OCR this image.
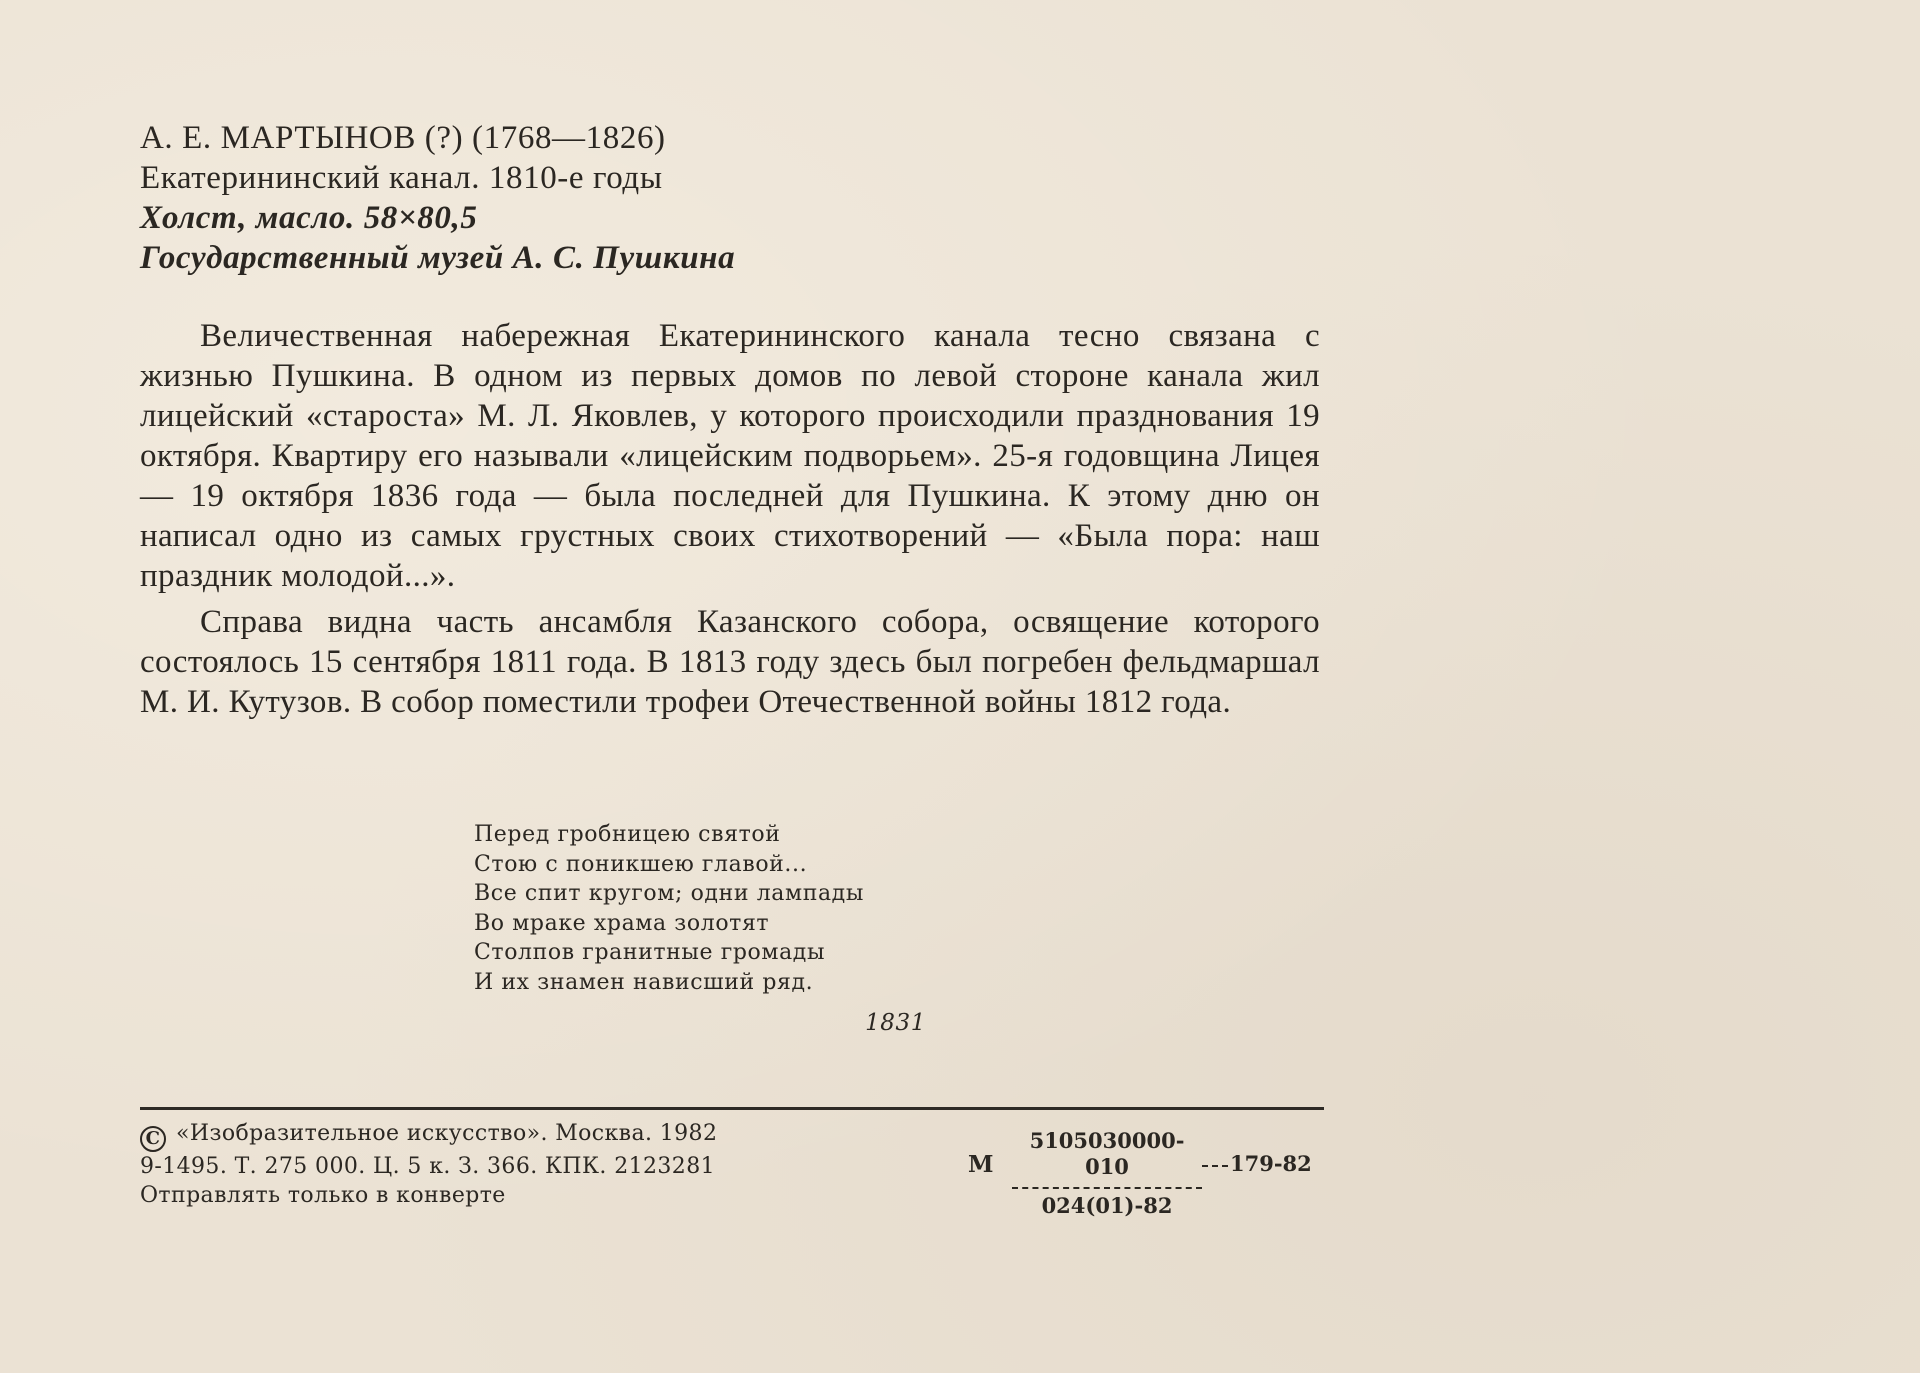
А. Е. МАРТЫНОВ (?) (1768—1826)
Екатерининский канал. 1810-е годы
Холст, масло. 58×80,5
Государственный музей А. С. Пушкина

Величественная набережная Екатерининского канала тесно связана с жизнью Пушкина. В одном из первых домов по левой стороне канала жил лицейский «староста» М. Л. Яковлев, у которого происходили празднования 19 октября. Квартиру его называли «лицейским подворьем». 25-я годовщина Лицея — 19 октября 1836 года — была последней для Пушкина. К этому дню он написал одно из самых грустных своих стихотворений — «Была пора: наш праздник молодой...».

Справа видна часть ансамбля Казанского собора, освящение которого состоялось 15 сентября 1811 года. В 1813 году здесь был погребен фельдмаршал М. И. Кутузов. В собор поместили трофеи Отечественной войны 1812 года.

Перед гробницею святой
Стою с поникшею главой...
Все спит кругом; одни лампады
Во мраке храма золотят
Столпов гранитные громады
И их знамен нависший ряд.
1831
C «Изобразительное искусство». Москва. 1982
9-1495. Т. 275 000. Ц. 5 к. З. 366. КПК. 2123281
Отправлять только в конверте
М
5105030000-010
024(01)-82
179-82
